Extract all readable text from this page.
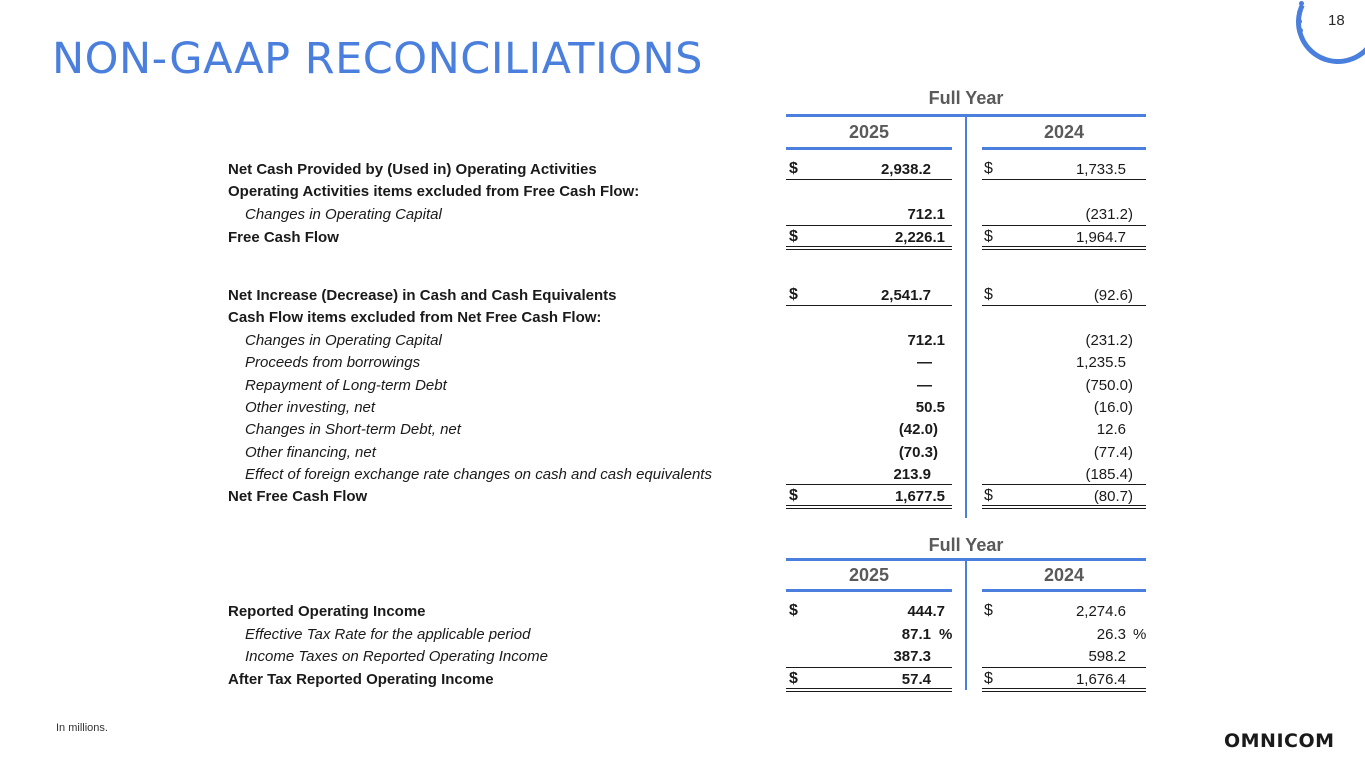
NON-GAAP RECONCILIATIONS
18
Full Year
2025	2024
Net Cash Provided by (Used in) Operating Activities	$	2,938.2	$	1,733.5
Operating Activities items excluded from Free Cash Flow:
Changes in Operating Capital	712.1	(231.2)
Free Cash Flow	$	2,226.1 $	1,964.7
Net Increase (Decrease) in Cash and Cash Equivalents	$	2,541.7	$	(92.6)
Cash Flow items excluded from Net Free Cash Flow:
Changes in Operating Capital	712.1	(231.2)
Proceeds from borrowings	—	1,235.5
Repayment of Long-term Debt	—	(750.0)
Other investing, net	50.5	(16.0)
Changes in Short-term Debt, net	(42.0)	12.6
Other financing, net	(70.3)	(77.4)
Effect of foreign exchange rate changes on cash and cash equivalents	213.9	(185.4)
Net Free Cash Flow	$	1,677.5 $	(80.7)
Full Year
2025	2024
Reported Operating Income	$	444.7 $	2,274.6
Effective Tax Rate for the applicable period	87.1 %	26.3 %
Income Taxes on Reported Operating Income	387.3	598.2
After Tax Reported Operating Income	$	57.4	$	1,676.4
In millions.
OMNICOM
